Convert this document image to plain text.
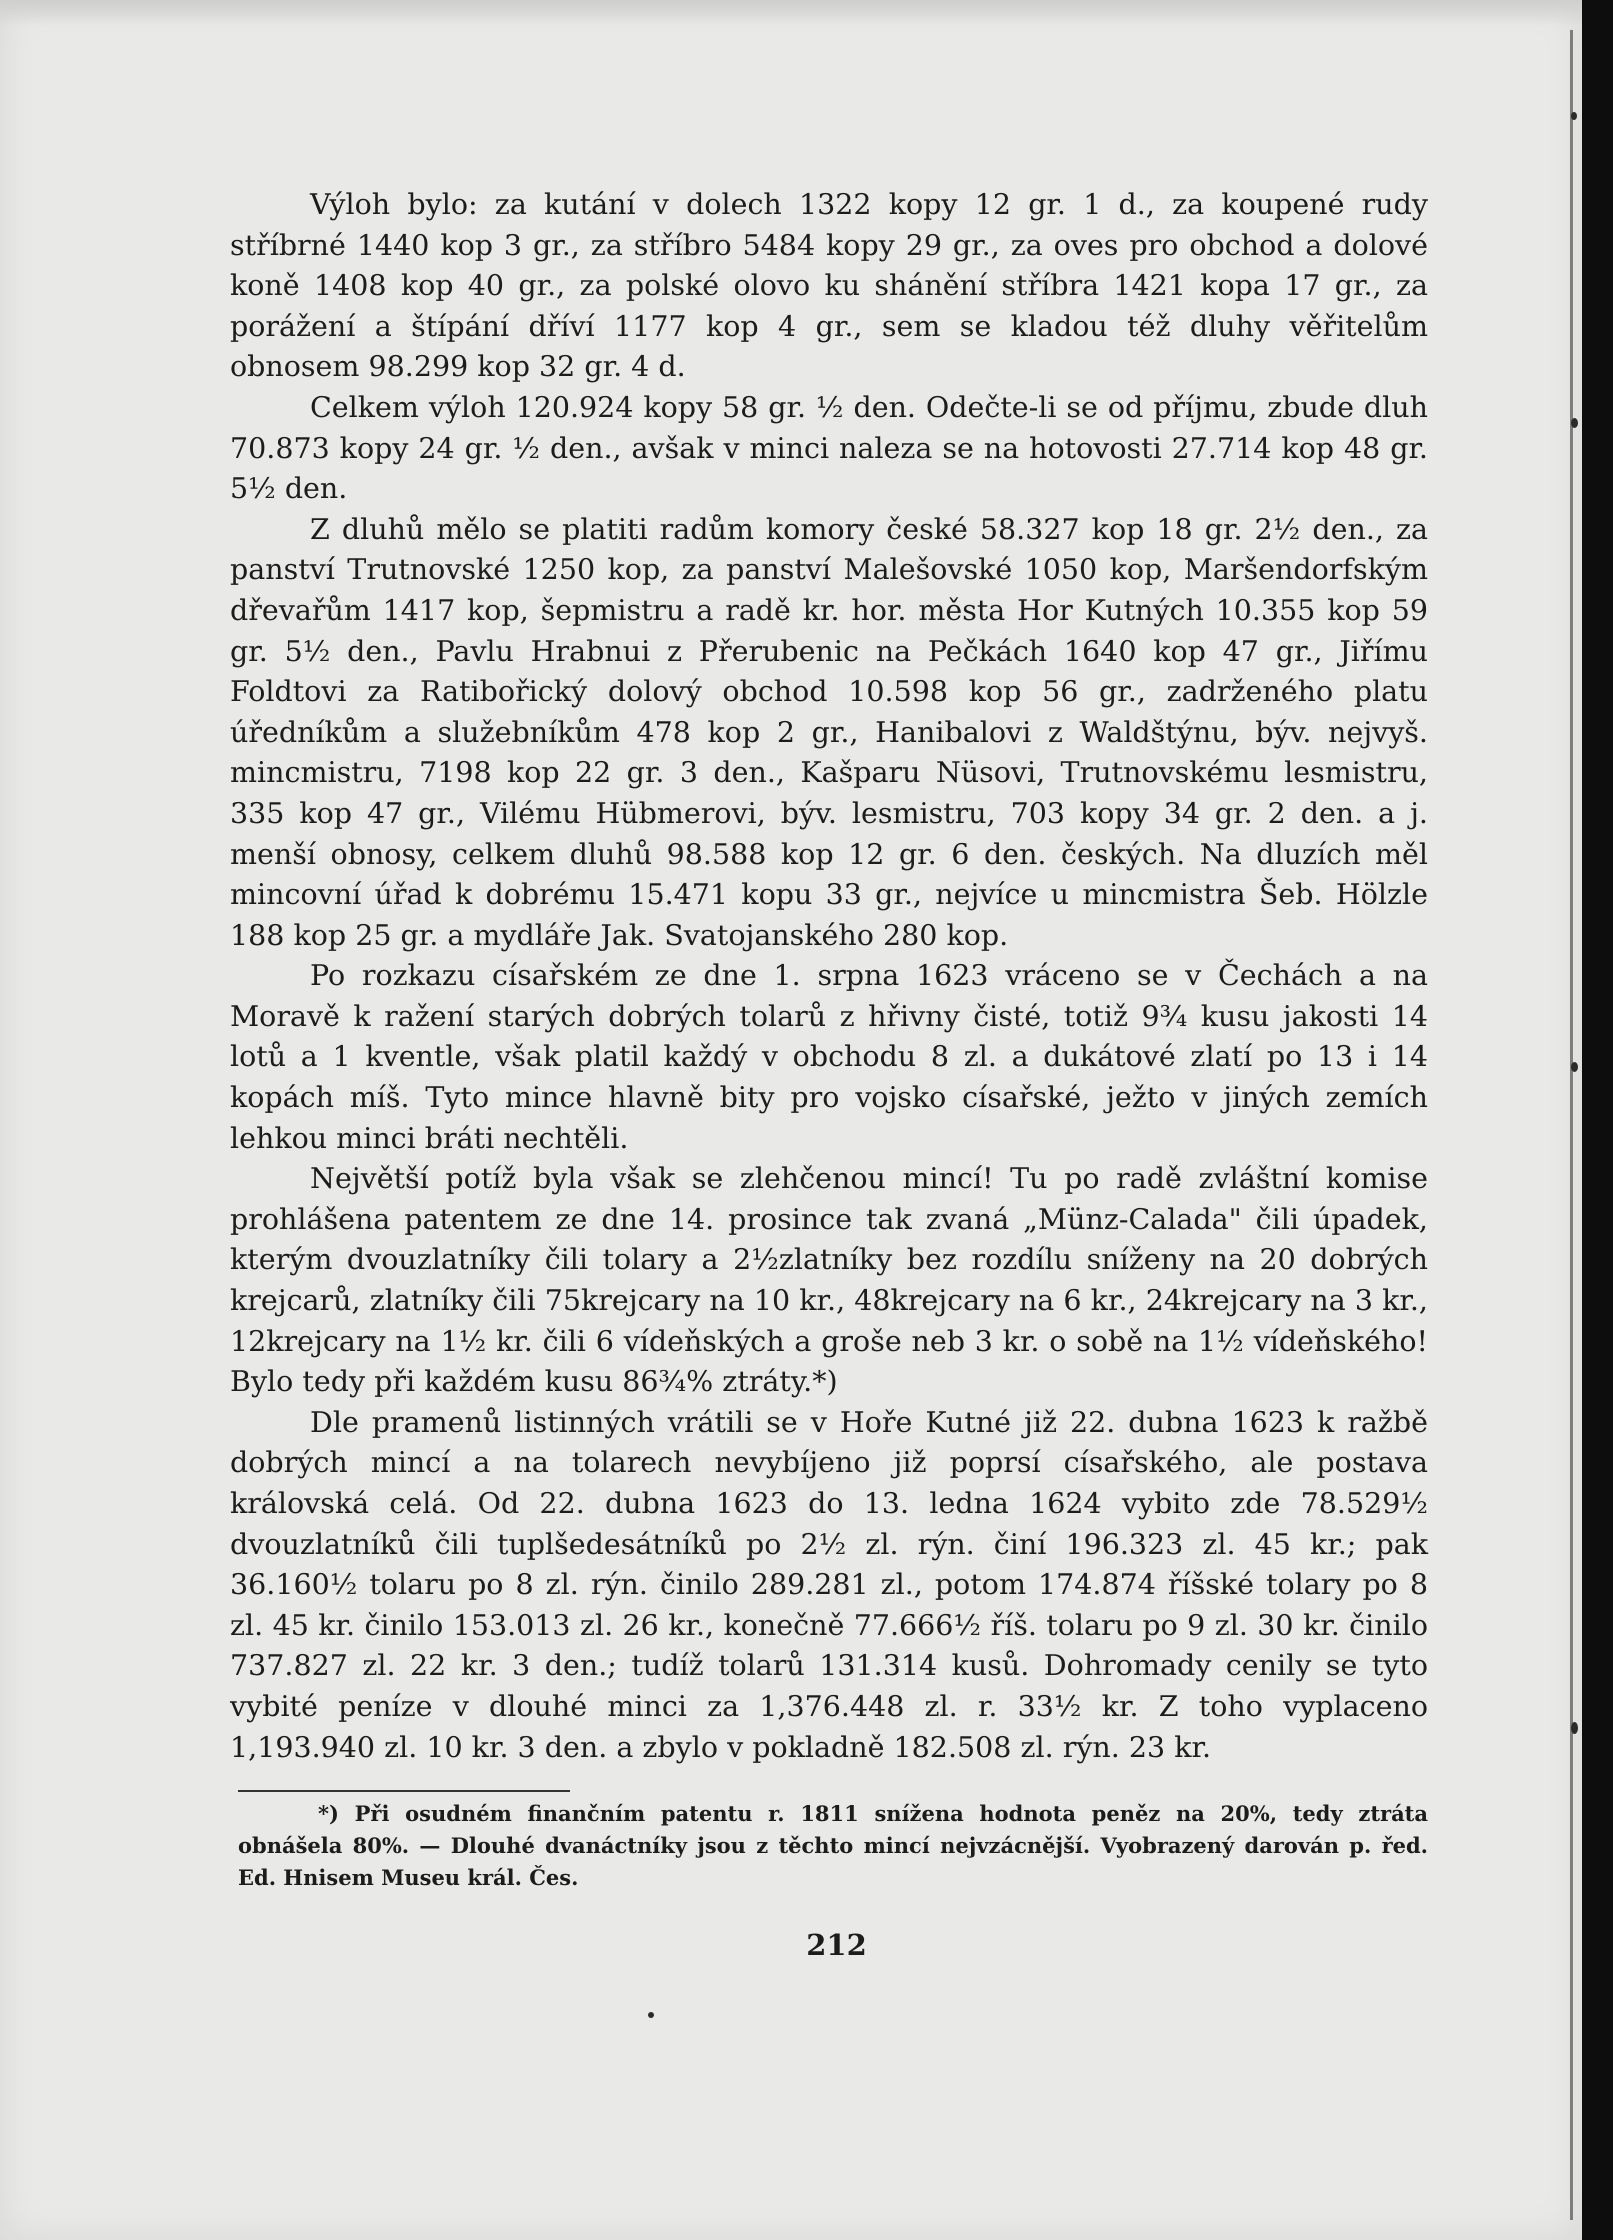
Výloh bylo: za kutání v dolech 1322 kopy 12 gr. 1 d., za koupené rudy stříbrné 1440 kop 3 gr., za stříbro 5484 kopy 29 gr., za oves pro obchod a dolové koně 1408 kop 40 gr., za polské olovo ku shánění stříbra 1421 kopa 17 gr., za porážení a štípání dříví 1177 kop 4 gr., sem se kladou též dluhy věřitelům obnosem 98.299 kop 32 gr. 4 d.

Celkem výloh 120.924 kopy 58 gr. ½ den. Odečte-li se od příjmu, zbude dluh 70.873 kopy 24 gr. ½ den., avšak v minci naleza se na hotovosti 27.714 kop 48 gr. 5½ den.

Z dluhů mělo se platiti radům komory české 58.327 kop 18 gr. 2½ den., za panství Trutnovské 1250 kop, za panství Malešovské 1050 kop, Maršendorfským dřevařům 1417 kop, šepmistru a radě kr. hor. města Hor Kutných 10.355 kop 59 gr. 5½ den., Pavlu Hrabnui z Přerubenic na Pečkách 1640 kop 47 gr., Jiřímu Foldtovi za Ratibořický dolový obchod 10.598 kop 56 gr., zadrženého platu úředníkům a služebníkům 478 kop 2 gr., Hanibalovi z Waldštýnu, býv. nejvyš. mincmistru, 7198 kop 22 gr. 3 den., Kašparu Nüsovi, Trutnovskému lesmistru, 335 kop 47 gr., Vilému Hübmerovi, býv. lesmistru, 703 kopy 34 gr. 2 den. a j. menší obnosy, celkem dluhů 98.588 kop 12 gr. 6 den. českých. Na dluzích měl mincovní úřad k dobrému 15.471 kopu 33 gr., nejvíce u mincmistra Šeb. Hölzle 188 kop 25 gr. a mydláře Jak. Svatojanského 280 kop.

Po rozkazu císařském ze dne 1. srpna 1623 vráceno se v Čechách a na Moravě k ražení starých dobrých tolarů z hřivny čisté, totiž 9¾ kusu jakosti 14 lotů a 1 kventle, však platil každý v obchodu 8 zl. a dukátové zlatí po 13 i 14 kopách míš. Tyto mince hlavně bity pro vojsko císařské, ježto v jiných zemích lehkou minci bráti nechtěli.

Největší potíž byla však se zlehčenou mincí! Tu po radě zvláštní komise prohlášena patentem ze dne 14. prosince tak zvaná „Münz-Calada" čili úpadek, kterým dvouzlatníky čili tolary a 2½zlatníky bez rozdílu sníženy na 20 dobrých krejcarů, zlatníky čili 75krejcary na 10 kr., 48krejcary na 6 kr., 24krejcary na 3 kr., 12krejcary na 1½ kr. čili 6 vídeňských a groše neb 3 kr. o sobě na 1½ vídeňského! Bylo tedy při každém kusu 86¾% ztráty.*)

Dle pramenů listinných vrátili se v Hoře Kutné již 22. dubna 1623 k ražbě dobrých mincí a na tolarech nevybíjeno již poprsí císařského, ale postava královská celá. Od 22. dubna 1623 do 13. ledna 1624 vybito zde 78.529½ dvouzlatníků čili tuplšedesátníků po 2½ zl. rýn. činí 196.323 zl. 45 kr.; pak 36.160½ tolaru po 8 zl. rýn. činilo 289.281 zl., potom 174.874 říšské tolary po 8 zl. 45 kr. činilo 153.013 zl. 26 kr., konečně 77.666½ říš. tolaru po 9 zl. 30 kr. činilo 737.827 zl. 22 kr. 3 den.; tudíž tolarů 131.314 kusů. Dohromady cenily se tyto vybité peníze v dlouhé minci za 1,376.448 zl. r. 33½ kr. Z toho vyplaceno 1,193.940 zl. 10 kr. 3 den. a zbylo v pokladně 182.508 zl. rýn. 23 kr.

*) Při osudném finančním patentu r. 1811 snížena hodnota peněz na 20%, tedy ztráta obnášela 80%. — Dlouhé dvanáctníky jsou z těchto mincí nejvzácnější. Vyobrazený darován p. řed. Ed. Hnisem Museu král. Čes.
212
